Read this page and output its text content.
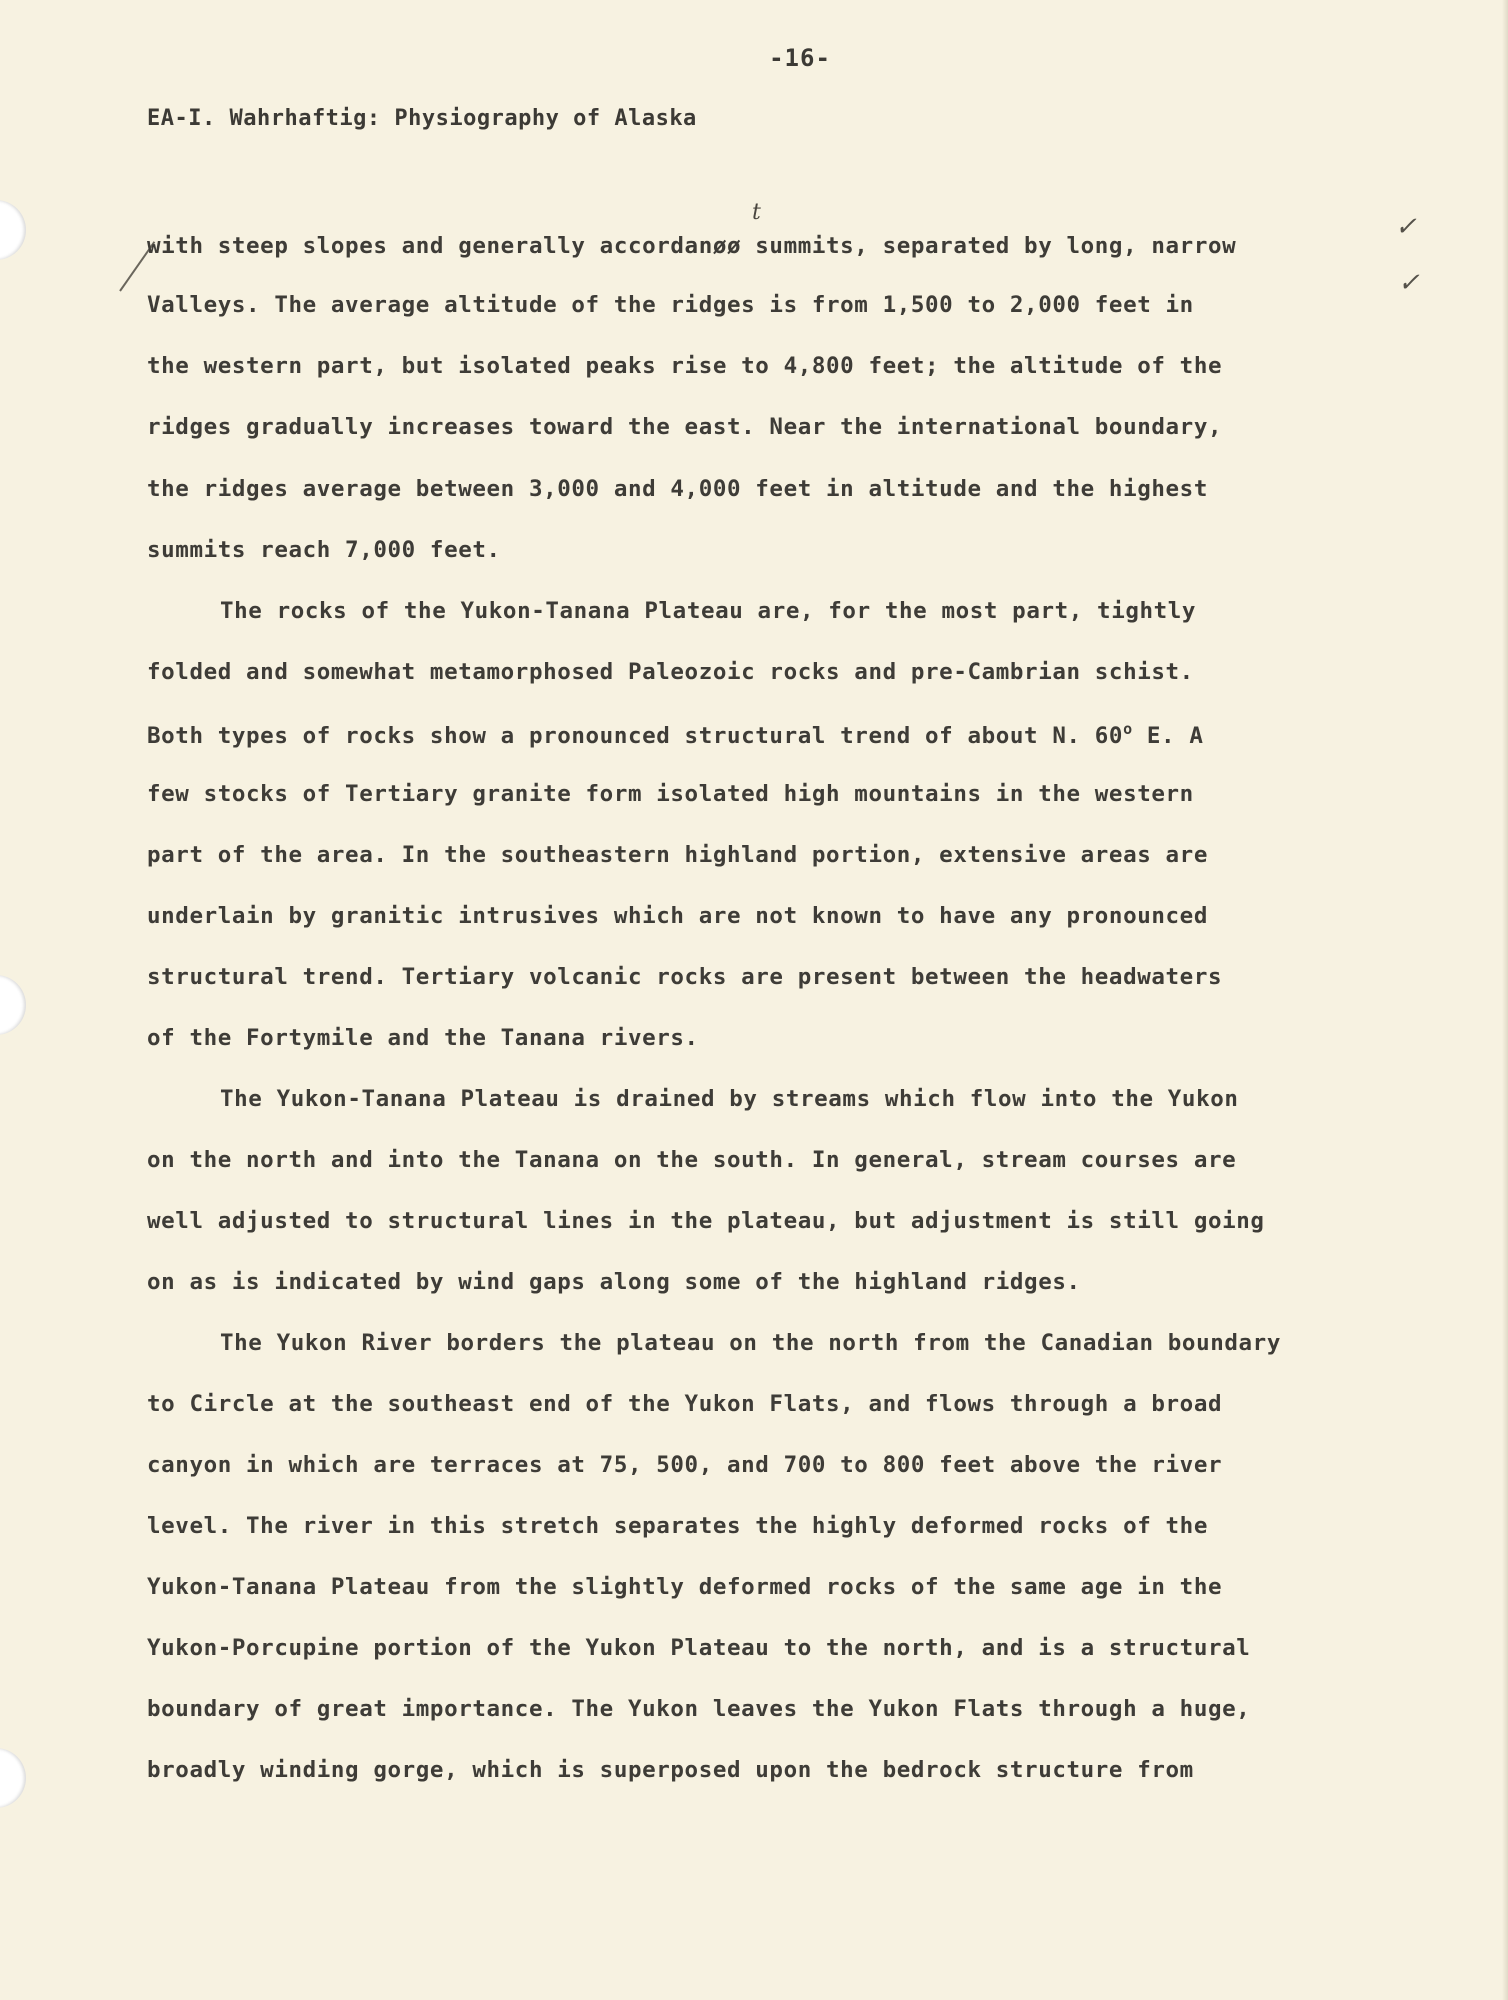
-16-
EA-I. Wahrhaftig: Physiography of Alaska
t	✓
✓
with steep slopes and generally accordanøø summits, separated by long, narrow
Valleys. The average altitude of the ridges is from 1,500 to 2,000 feet in
the western part, but isolated peaks rise to 4,800 feet; the altitude of the
ridges gradually increases toward the east. Near the international boundary,
the ridges average between 3,000 and 4,000 feet in altitude and the highest
summits reach 7,000 feet.
The rocks of the Yukon-Tanana Plateau are, for the most part, tightly
folded and somewhat metamorphosed Paleozoic rocks and pre-Cambrian schist.
Both types of rocks show a pronounced structural trend of about N. 60$^o$ E. A
few stocks of Tertiary granite form isolated high mountains in the western
part of the area. In the southeastern highland portion, extensive areas are
underlain by granitic intrusives which are not known to have any pronounced
structural trend. Tertiary volcanic rocks are present between the headwaters
of the Fortymile and the Tanana rivers.
The Yukon-Tanana Plateau is drained by streams which flow into the Yukon
on the north and into the Tanana on the south. In general, stream courses are
well adjusted to structural lines in the plateau, but adjustment is still going
on as is indicated by wind gaps along some of the highland ridges.
The Yukon River borders the plateau on the north from the Canadian boundary
to Circle at the southeast end of the Yukon Flats, and flows through a broad
canyon in which are terraces at 75, 500, and 700 to 800 feet above the river
level. The river in this stretch separates the highly deformed rocks of the
Yukon-Tanana Plateau from the slightly deformed rocks of the same age in the
Yukon-Porcupine portion of the Yukon Plateau to the north, and is a structural
boundary of great importance. The Yukon leaves the Yukon Flats through a huge,
broadly winding gorge, which is superposed upon the bedrock structure from
